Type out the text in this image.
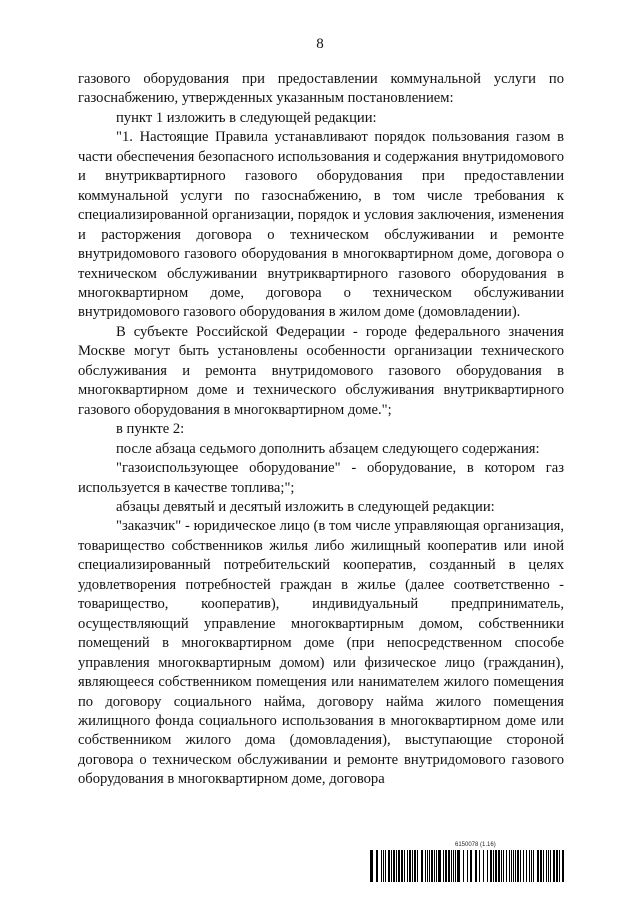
8

газового оборудования при предоставлении коммунальной услуги по газоснабжению, утвержденных указанным постановлением:

пункт 1 изложить в следующей редакции:

"1. Настоящие Правила устанавливают порядок пользования газом в части обеспечения безопасного использования и содержания внутридомового и внутриквартирного газового оборудования при предоставлении коммунальной услуги по газоснабжению, в том числе требования к специализированной организации, порядок и условия заключения, изменения и расторжения договора о техническом обслуживании и ремонте внутридомового газового оборудования в многоквартирном доме, договора о техническом обслуживании внутриквартирного газового оборудования в многоквартирном доме, договора о техническом обслуживании внутридомового газового оборудования в жилом доме (домовладении).

В субъекте Российской Федерации - городе федерального значения Москве могут быть установлены особенности организации технического обслуживания и ремонта внутридомового газового оборудования в многоквартирном доме и технического обслуживания внутриквартирного газового оборудования в многоквартирном доме.";

в пункте 2:

после абзаца седьмого дополнить абзацем следующего содержания:

"газоиспользующее оборудование" - оборудование, в котором газ используется в качестве топлива;";

абзацы девятый и десятый изложить в следующей редакции:

"заказчик" - юридическое лицо (в том числе управляющая организация, товарищество собственников жилья либо жилищный кооператив или иной специализированный потребительский кооператив, созданный в целях удовлетворения потребностей граждан в жилье (далее соответственно - товарищество, кооператив), индивидуальный предприниматель, осуществляющий управление многоквартирным домом, собственники помещений в многоквартирном доме (при непосредственном способе управления многоквартирным домом) или физическое лицо (гражданин), являющееся собственником помещения или нанимателем жилого помещения по договору социального найма, договору найма жилого помещения жилищного фонда социального использования в многоквартирном доме или собственником жилого дома (домовладения), выступающие стороной договора о техническом обслуживании и ремонте внутридомового газового оборудования в многоквартирном доме, договора

6150078 (1.16)
